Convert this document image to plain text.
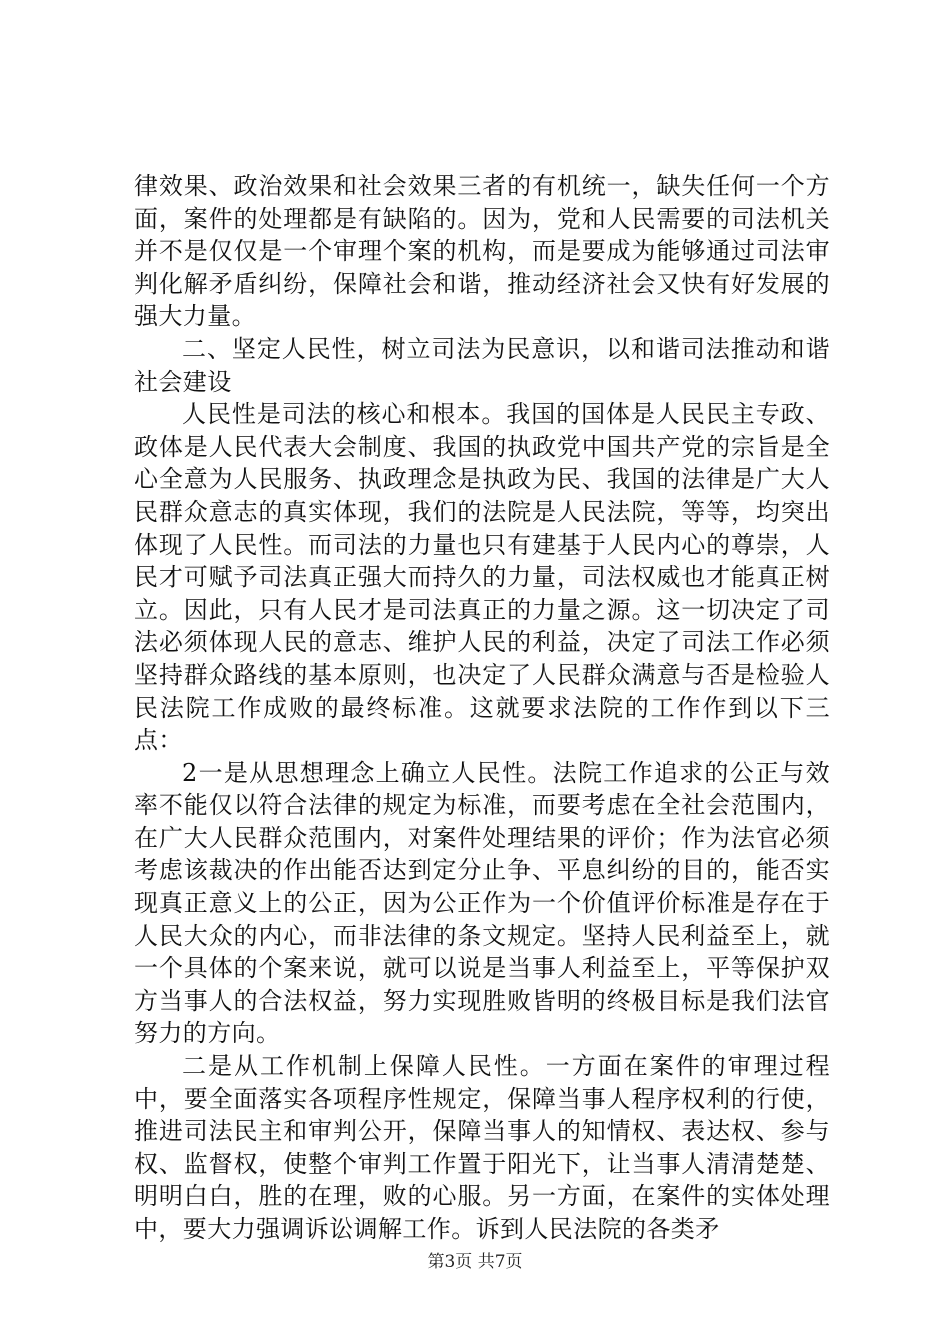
律效果、政治效果和社会效果三者的有机统一，缺失任何一个方面，案件的处理都是有缺陷的。因为，党和人民需要的司法机关并不是仅仅是一个审理个案的机构，而是要成为能够通过司法审判化解矛盾纠纷，保障社会和谐，推动经济社会又快有好发展的强大力量。

二、坚定人民性，树立司法为民意识，以和谐司法推动和谐社会建设

人民性是司法的核心和根本。我国的国体是人民民主专政、政体是人民代表大会制度、我国的执政党中国共产党的宗旨是全心全意为人民服务、执政理念是执政为民、我国的法律是广大人民群众意志的真实体现，我们的法院是人民法院，等等，均突出体现了人民性。而司法的力量也只有建基于人民内心的尊崇，人民才可赋予司法真正强大而持久的力量，司法权威也才能真正树立。因此，只有人民才是司法真正的力量之源。这一切决定了司法必须体现人民的意志、维护人民的利益，决定了司法工作必须坚持群众路线的基本原则，也决定了人民群众满意与否是检验人民法院工作成败的最终标准。这就要求法院的工作作到以下三点：

2一是从思想理念上确立人民性。法院工作追求的公正与效率不能仅以符合法律的规定为标准，而要考虑在全社会范围内，在广大人民群众范围内，对案件处理结果的评价；作为法官必须考虑该裁决的作出能否达到定分止争、平息纠纷的目的，能否实现真正意义上的公正，因为公正作为一个价值评价标准是存在于人民大众的内心，而非法律的条文规定。坚持人民利益至上，就一个具体的个案来说，就可以说是当事人利益至上，平等保护双方当事人的合法权益，努力实现胜败皆明的终极目标是我们法官努力的方向。

二是从工作机制上保障人民性。一方面在案件的审理过程中，要全面落实各项程序性规定，保障当事人程序权利的行使，推进司法民主和审判公开，保障当事人的知情权、表达权、参与权、监督权，使整个审判工作置于阳光下，让当事人清清楚楚、明明白白，胜的在理，败的心服。另一方面，在案件的实体处理中，要大力强调诉讼调解工作。诉到人民法院的各类矛

第3页 共7页
